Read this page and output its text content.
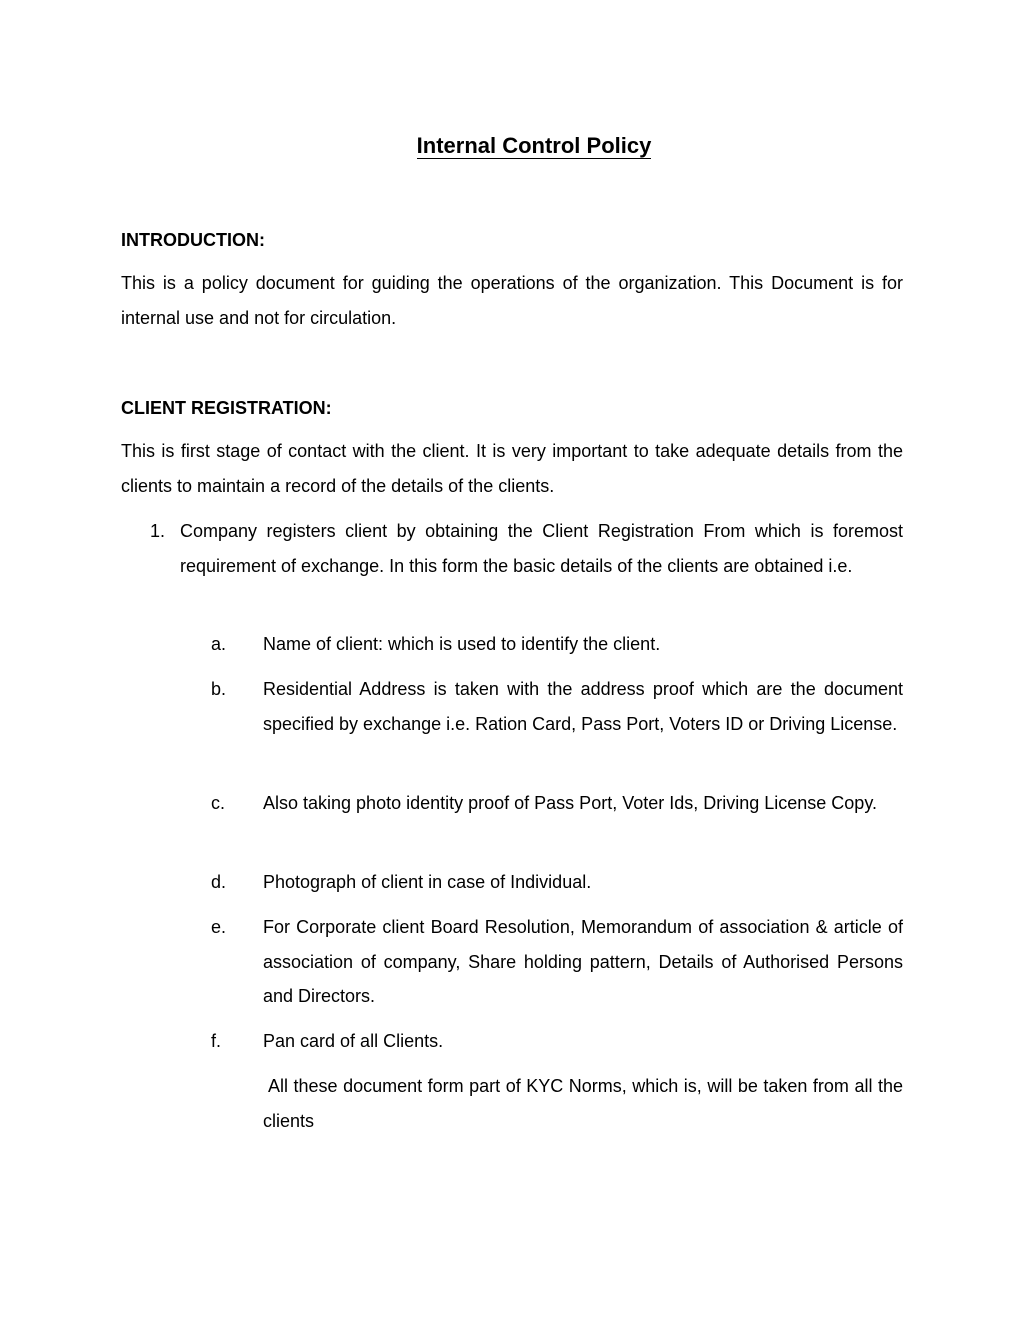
Internal Control Policy
INTRODUCTION:

This is a policy document for guiding the operations of the organization. This Document is for internal use and not for circulation.

CLIENT REGISTRATION:

This is first stage of contact with the client. It is very important to take adequate details from the clients to maintain a record of the details of the clients.

1. Company registers client by obtaining the Client Registration From which is foremost requirement of exchange. In this form the basic details of the clients are obtained i.e.
a. Name of client: which is used to identify the client.
b. Residential Address is taken with the address proof which are the document specified by exchange i.e. Ration Card, Pass Port, Voters ID or Driving License.
c. Also taking photo identity proof of Pass Port, Voter Ids, Driving License Copy.
d. Photograph of client in case of Individual.
e. For Corporate client Board Resolution, Memorandum of association & article of association of company, Share holding pattern, Details of Authorised Persons and Directors.
f. Pan card of all Clients.

All these document form part of KYC Norms, which is, will be taken from all the clients
